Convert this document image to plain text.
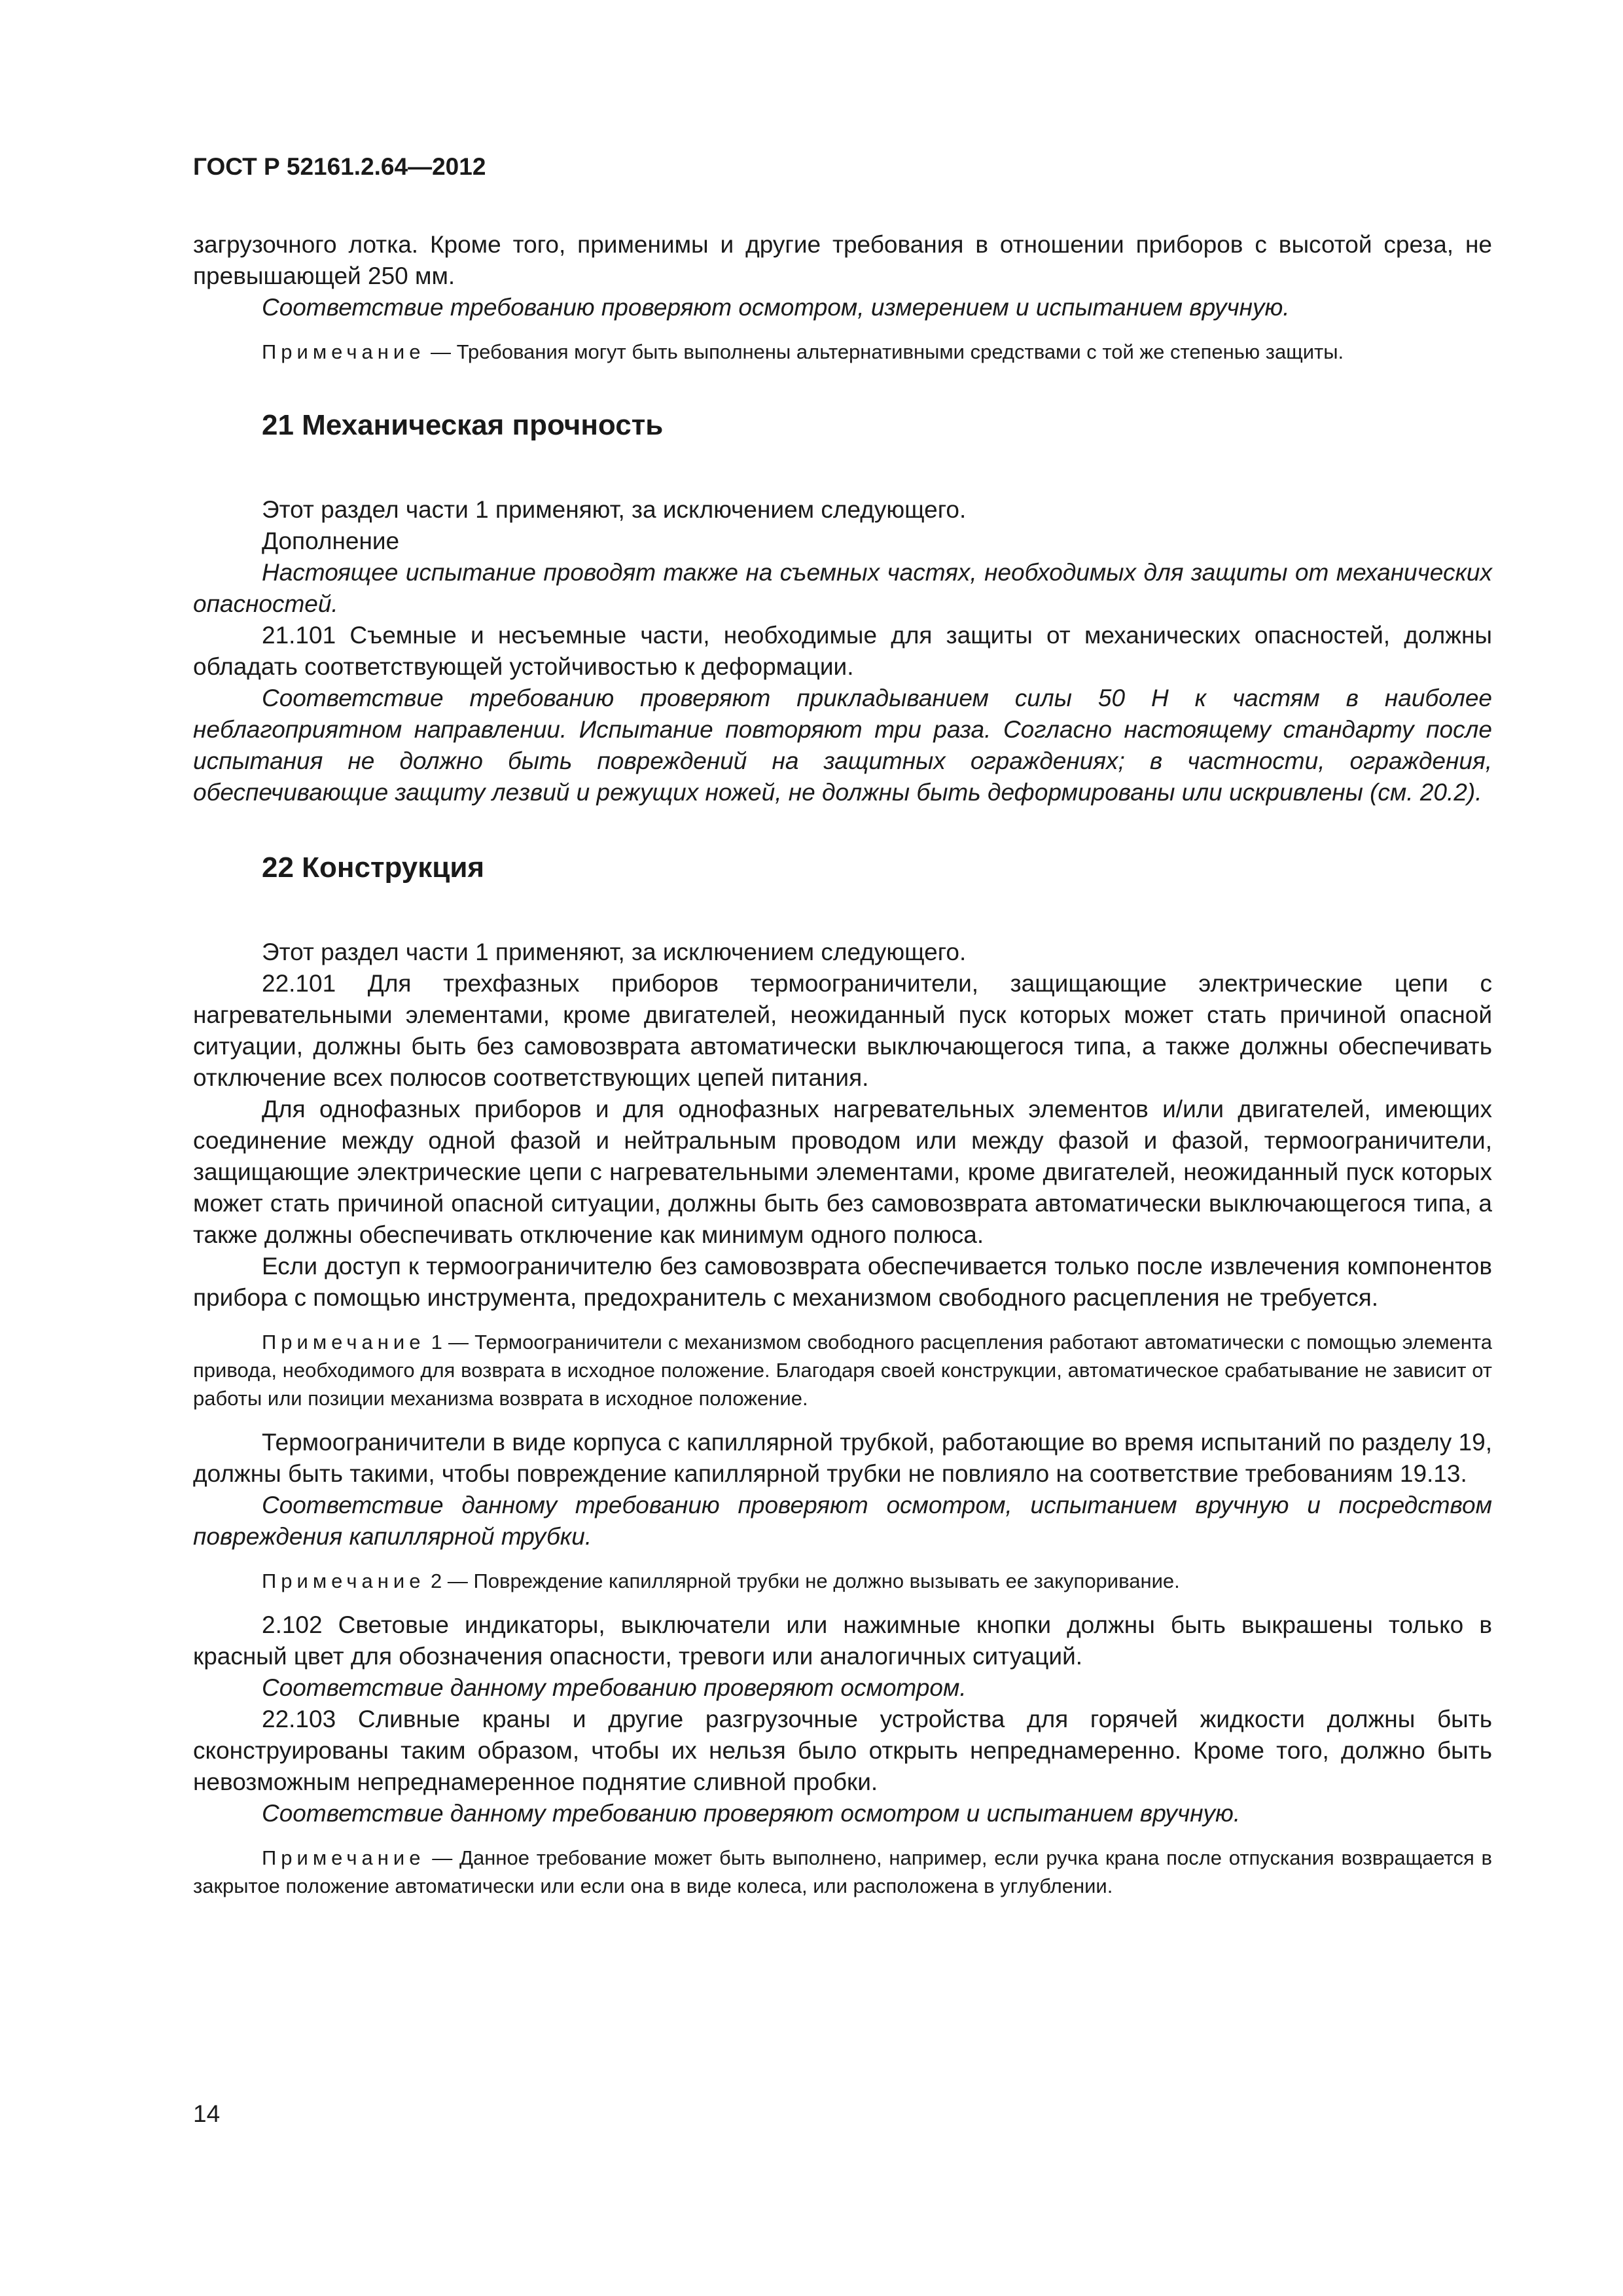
ГОСТ Р 52161.2.64—2012

загрузочного лотка. Кроме того, применимы и другие требования в отношении приборов с высотой среза, не превышающей 250 мм.

Соответствие требованию проверяют осмотром, измерением и испытанием вручную.

Примечание — Требования могут быть выполнены альтернативными средствами с той же степенью защиты.

21 Механическая прочность

Этот раздел части 1 применяют, за исключением следующего.

Дополнение

Настоящее испытание проводят также на съемных частях, необходимых для защиты от механических опасностей.

21.101 Съемные и несъемные части, необходимые для защиты от механических опасностей, должны обладать соответствующей устойчивостью к деформации.

Соответствие требованию проверяют прикладыванием силы 50 Н к частям в наиболее неблагоприятном направлении. Испытание повторяют три раза. Согласно настоящему стандарту после испытания не должно быть повреждений на защитных ограждениях; в частности, ограждения, обеспечивающие защиту лезвий и режущих ножей, не должны быть деформированы или искривлены (см. 20.2).

22 Конструкция

Этот раздел части 1 применяют, за исключением следующего.

22.101 Для трехфазных приборов термоограничители, защищающие электрические цепи с нагревательными элементами, кроме двигателей, неожиданный пуск которых может стать причиной опасной ситуации, должны быть без самовозврата автоматически выключающегося типа, а также должны обеспечивать отключение всех полюсов соответствующих цепей питания.

Для однофазных приборов и для однофазных нагревательных элементов и/или двигателей, имеющих соединение между одной фазой и нейтральным проводом или между фазой и фазой, термоограничители, защищающие электрические цепи с нагревательными элементами, кроме двигателей, неожиданный пуск которых может стать причиной опасной ситуации, должны быть без самовозврата автоматически выключающегося типа, а также должны обеспечивать отключение как минимум одного полюса.

Если доступ к термоограничителю без самовозврата обеспечивается только после извлечения компонентов прибора с помощью инструмента, предохранитель с механизмом свободного расцепления не требуется.

Примечание 1 — Термоограничители с механизмом свободного расцепления работают автоматически с помощью элемента привода, необходимого для возврата в исходное положение. Благодаря своей конструкции, автоматическое срабатывание не зависит от работы или позиции механизма возврата в исходное положение.

Термоограничители в виде корпуса с капиллярной трубкой, работающие во время испытаний по разделу 19, должны быть такими, чтобы повреждение капиллярной трубки не повлияло на соответствие требованиям 19.13.

Соответствие данному требованию проверяют осмотром, испытанием вручную и посредством повреждения капиллярной трубки.

Примечание 2 — Повреждение капиллярной трубки не должно вызывать ее закупоривание.

2.102 Световые индикаторы, выключатели или нажимные кнопки должны быть выкрашены только в красный цвет для обозначения опасности, тревоги или аналогичных ситуаций.

Соответствие данному требованию проверяют осмотром.

22.103 Сливные краны и другие разгрузочные устройства для горячей жидкости должны быть сконструированы таким образом, чтобы их нельзя было открыть непреднамеренно. Кроме того, должно быть невозможным непреднамеренное поднятие сливной пробки.

Соответствие данному требованию проверяют осмотром и испытанием вручную.

Примечание — Данное требование может быть выполнено, например, если ручка крана после отпускания возвращается в закрытое положение автоматически или если она в виде колеса, или расположена в углублении.

14
